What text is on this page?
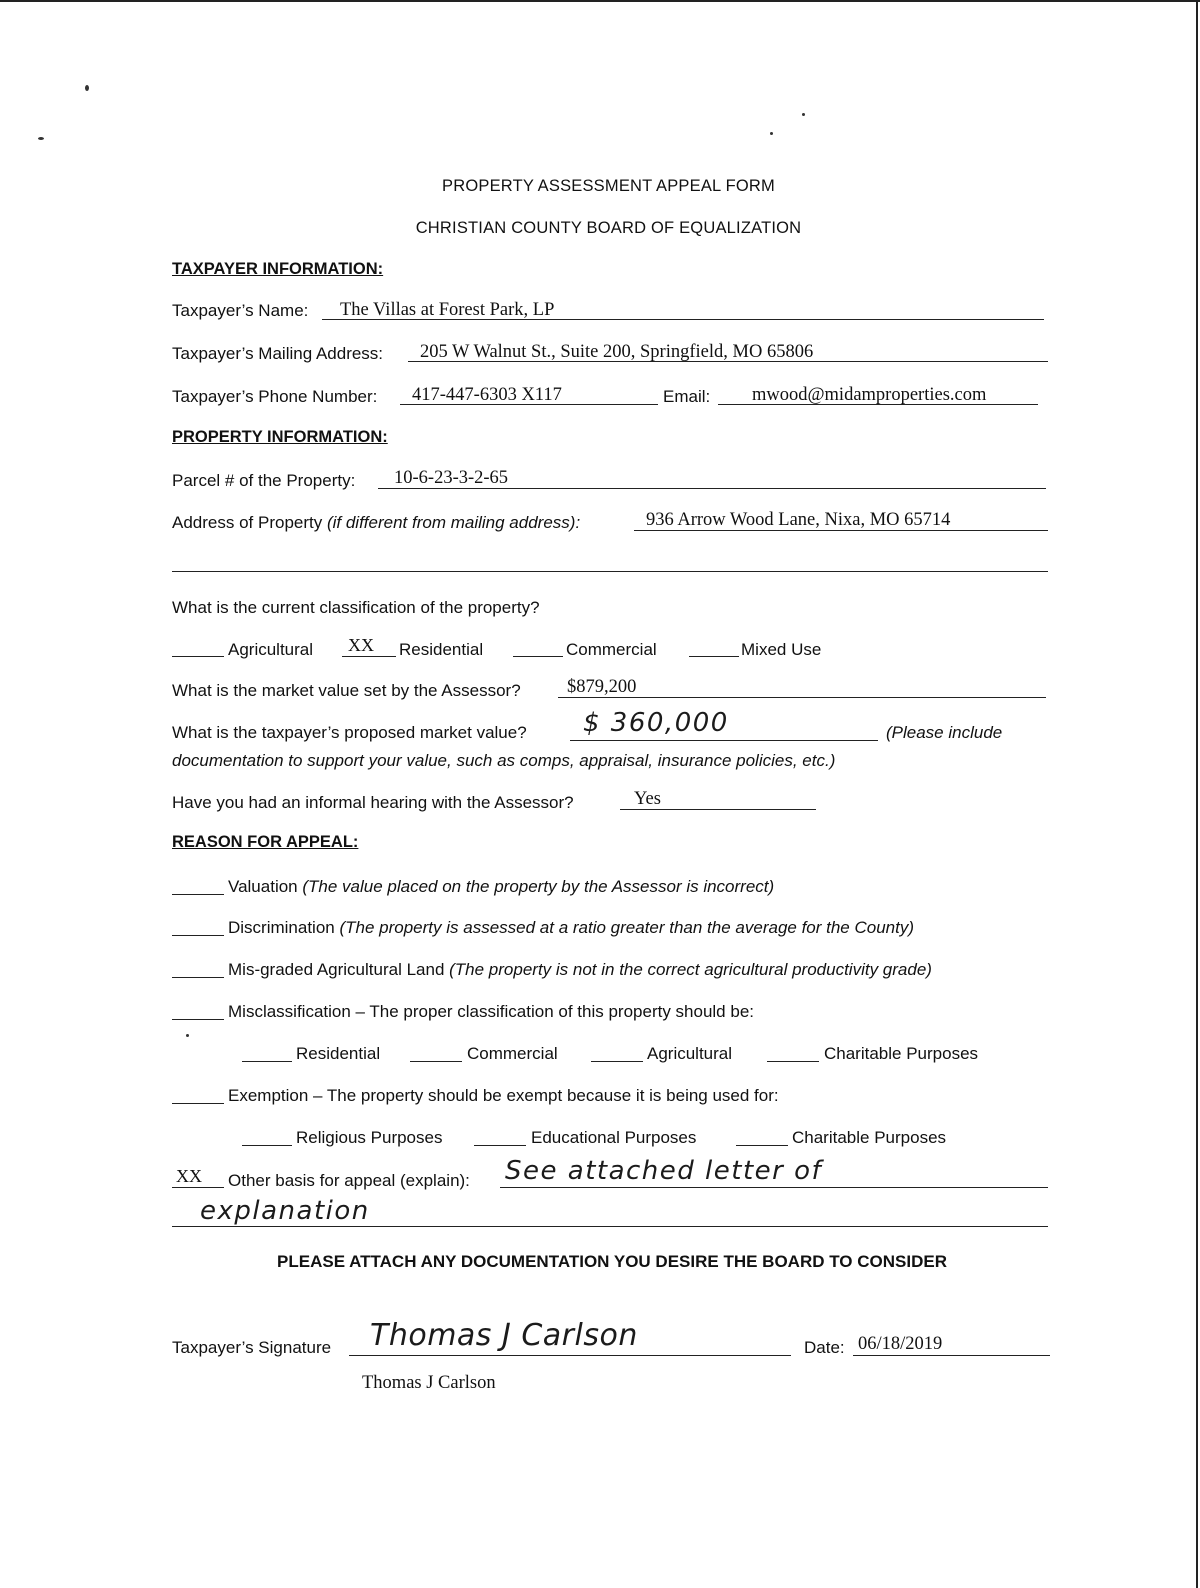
PROPERTY ASSESSMENT APPEAL FORM
CHRISTIAN COUNTY BOARD OF EQUALIZATION
TAXPAYER INFORMATION:
Taxpayer’s Name: The Villas at Forest Park, LP
Taxpayer’s Mailing Address: 205 W Walnut St., Suite 200, Springfield, MO 65806
Taxpayer’s Phone Number: 417-447-6303 X117	Email: mwood@midamproperties.com
PROPERTY INFORMATION:
Parcel # of the Property: 10-6-23-3-2-65
Address of Property (if different from mailing address):	936 Arrow Wood Lane, Nixa, MO 65714
What is the current classification of the property?
Agricultural XX Residential	Commercial	Mixed Use
What is the market value set by the Assessor?	$879,200
What is the taxpayer’s proposed market value? $ 360,000	(Please include
documentation to support your value, such as comps, appraisal, insurance policies, etc.)
Have you had an informal hearing with the Assessor?	Yes
REASON FOR APPEAL:
Valuation (The value placed on the property by the Assessor is incorrect)
Discrimination (The property is assessed at a ratio greater than the average for the County)
Mis-graded Agricultural Land (The property is not in the correct agricultural productivity grade)
Misclassification – The proper classification of this property should be:
Residential	Commercial	Agricultural	Charitable Purposes
Exemption – The property should be exempt because it is being used for:
Religious Purposes	Educational Purposes	Charitable Purposes
XX Other basis for appeal (explain): See attached letter of
explanation
PLEASE ATTACH ANY DOCUMENTATION YOU DESIRE THE BOARD TO CONSIDER
Taxpayer’s Signature Thomas J Carlson
Thomas J Carlson
Date: 06/18/2019
